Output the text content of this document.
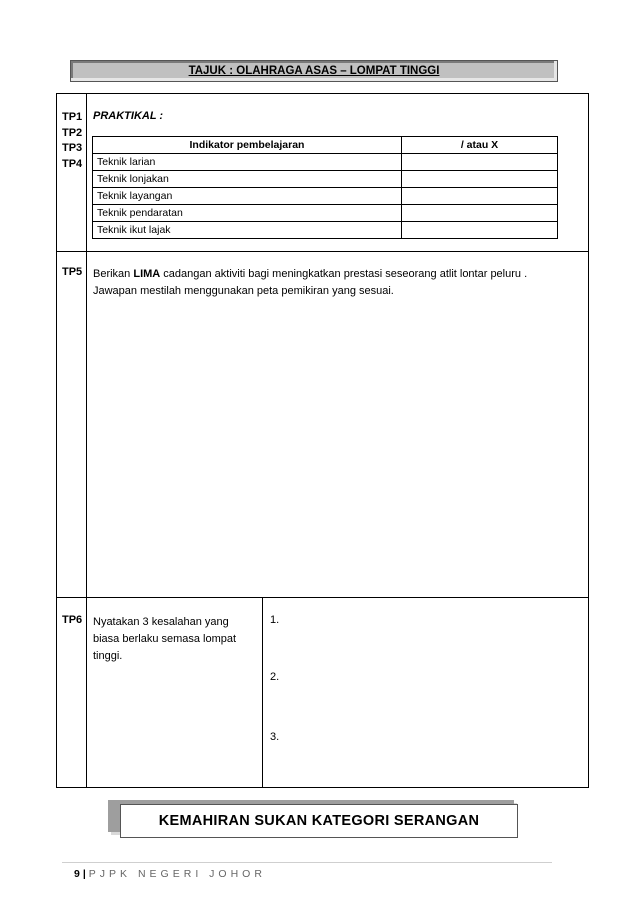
TAJUK : OLAHRAGA ASAS – LOMPAT TINGGI
TP1
TP2
TP3
TP4
PRAKTIKAL :
Indikator pembelajaran	/ atau X
Teknik larian	
Teknik lonjakan	
Teknik layangan	
Teknik pendaratan	
Teknik ikut lajak	
TP5 Berikan LIMA cadangan aktiviti bagi meningkatkan prestasi seseorang atlit lontar peluru . Jawapan mestilah menggunakan peta pemikiran yang sesuai.
TP6 Nyatakan 3 kesalahan yang biasa berlaku semasa lompat tinggi.
1.
2.
3.
KEMAHIRAN SUKAN KATEGORI SERANGAN
9 | PJPK NEGERI JOHOR
